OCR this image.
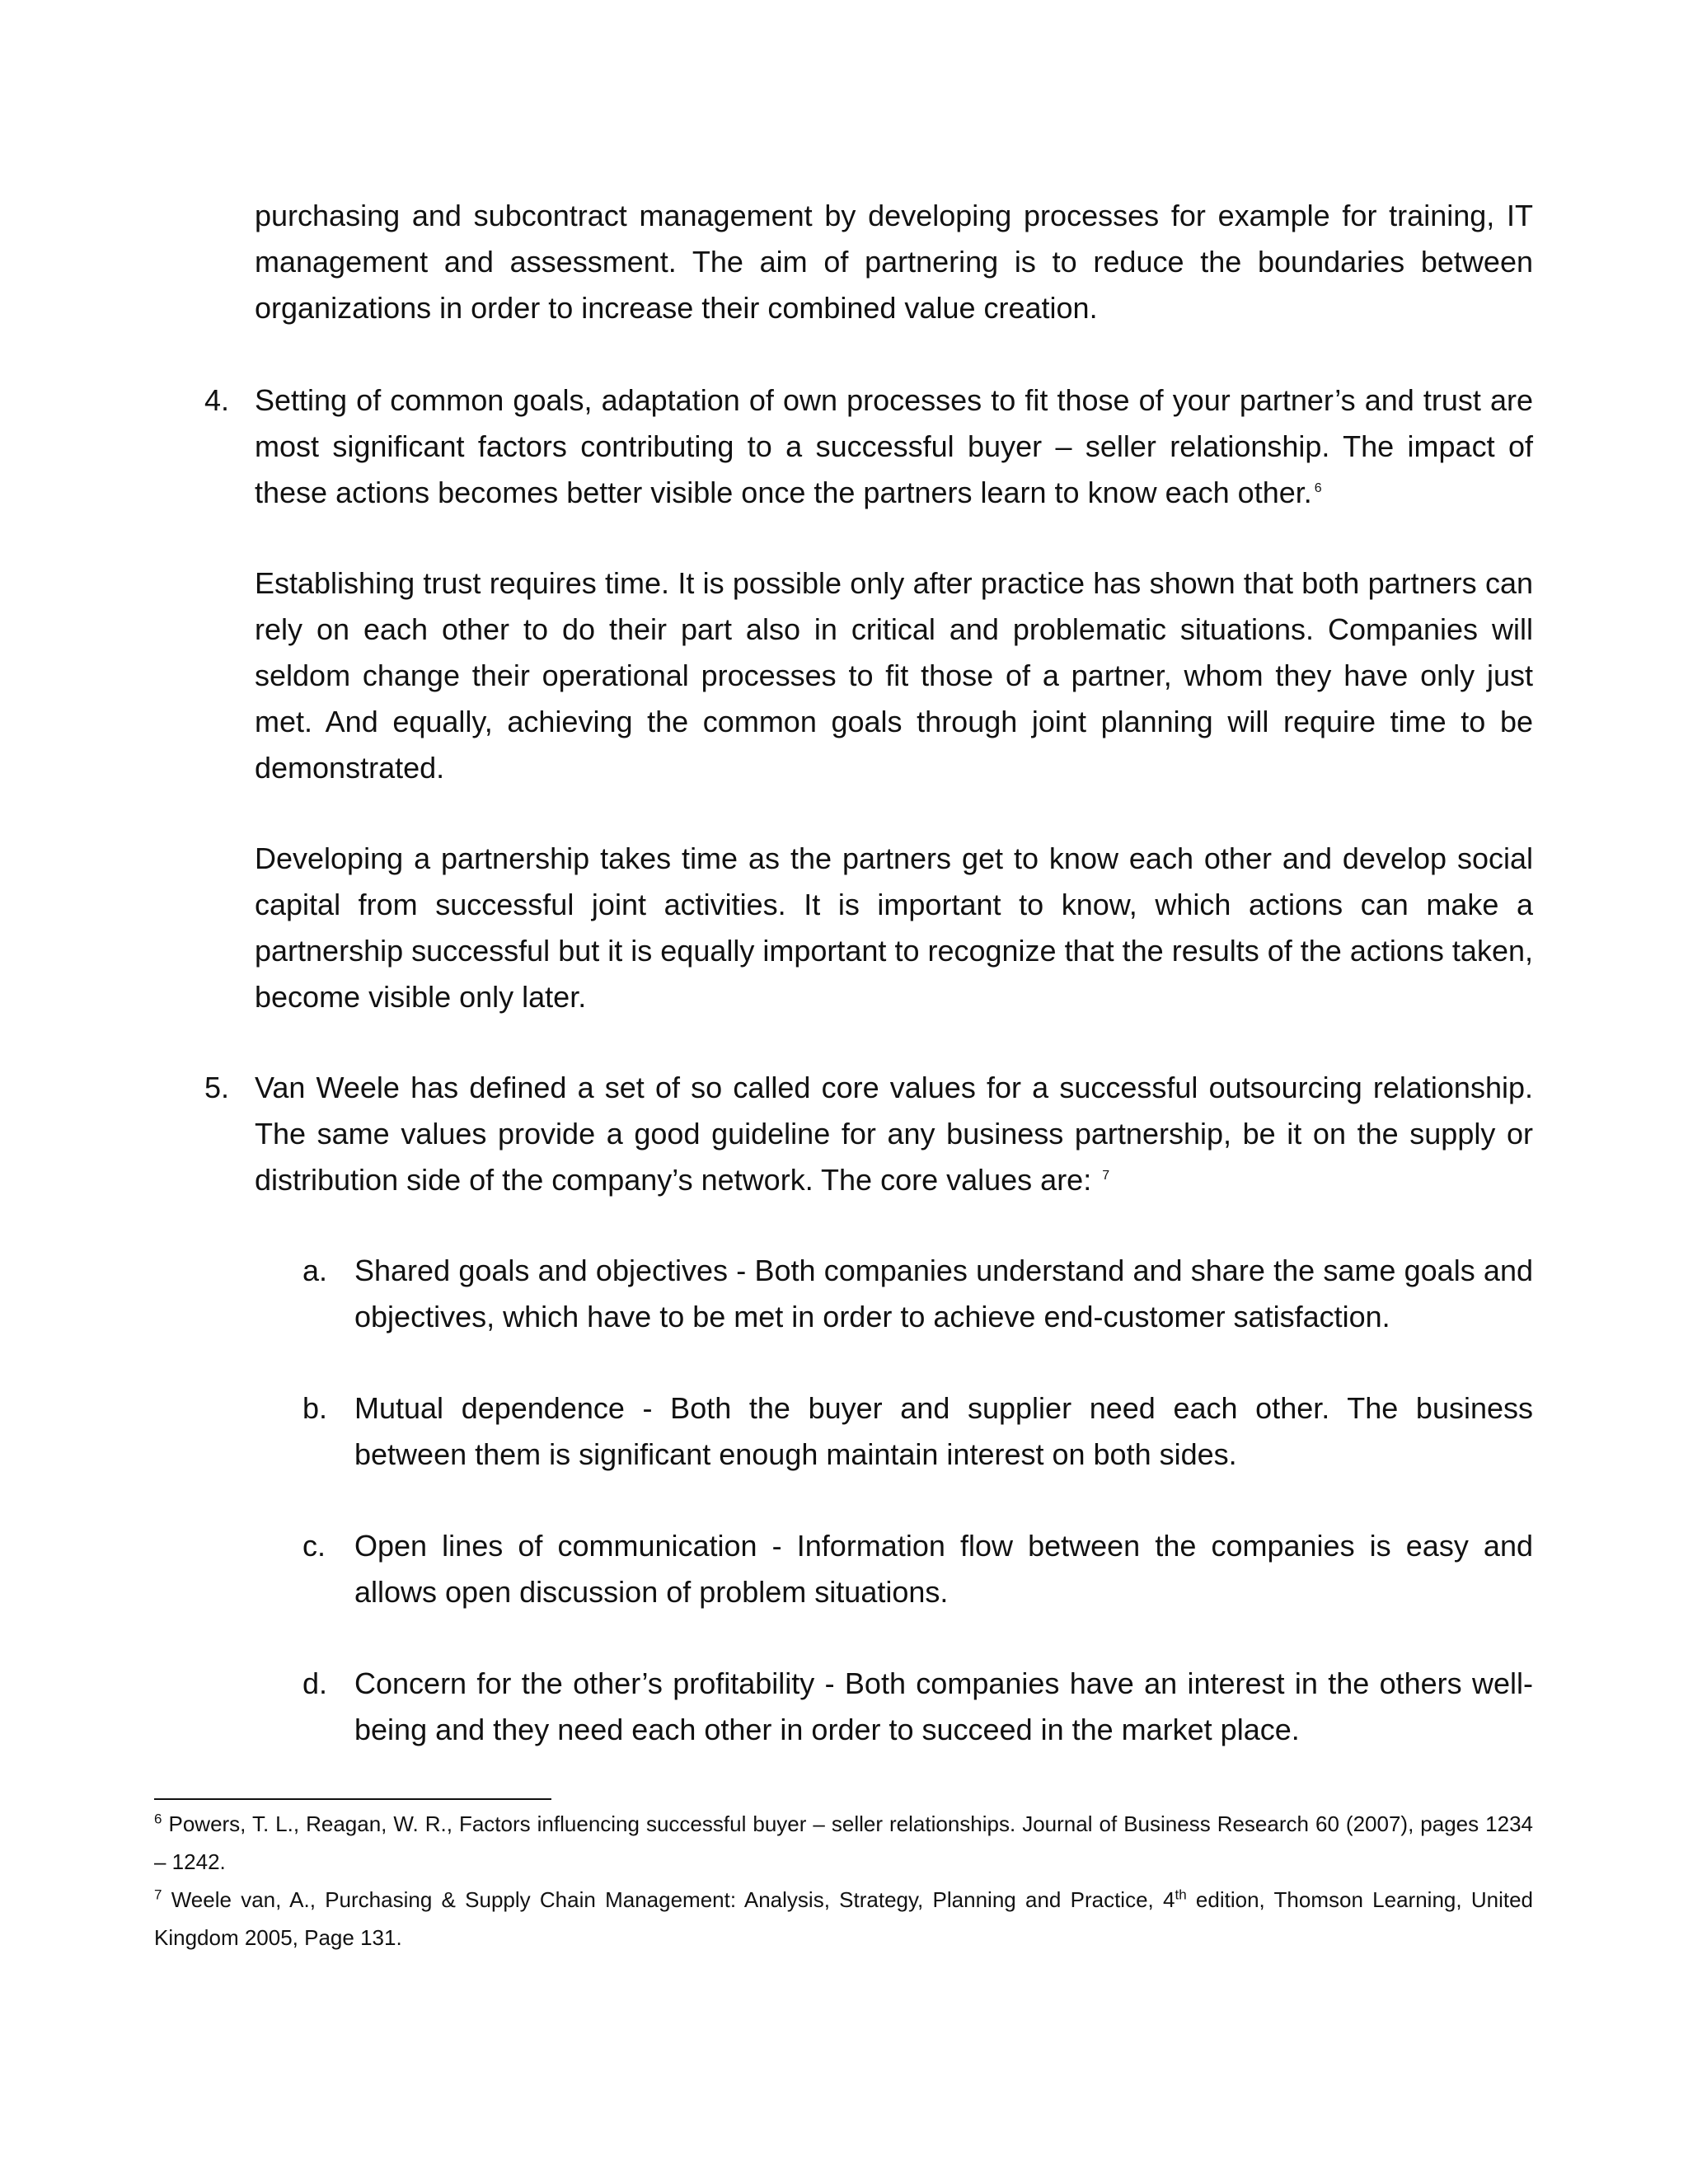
purchasing and subcontract management by developing processes for example for training, IT management and assessment. The aim of partnering is to reduce the boundaries between organizations in order to increase their combined value creation.

4. Setting of common goals, adaptation of own processes to fit those of your partner’s and trust are most significant factors contributing to a successful buyer – seller relationship. The impact of these actions becomes better visible once the partners learn to know each other. $^6$

Establishing trust requires time. It is possible only after practice has shown that both partners can rely on each other to do their part also in critical and problematic situations. Companies will seldom change their operational processes to fit those of a partner, whom they have only just met. And equally, achieving the common goals through joint planning will require time to be demonstrated.

Developing a partnership takes time as the partners get to know each other and develop social capital from successful joint activities. It is important to know, which actions can make a partnership successful but it is equally important to recognize that the results of the actions taken, become visible only later.

5. Van Weele has defined a set of so called core values for a successful outsourcing relationship. The same values provide a good guideline for any business partnership, be it on the supply or distribution side of the company’s network. The core values are: $^7$

a. Shared goals and objectives - Both companies understand and share the same goals and objectives, which have to be met in order to achieve end-customer satisfaction.

b. Mutual dependence - Both the buyer and supplier need each other. The business between them is significant enough maintain interest on both sides.

c. Open lines of communication - Information flow between the companies is easy and allows open discussion of problem situations.

d. Concern for the other’s profitability - Both companies have an interest in the others well-being and they need each other in order to succeed in the market place.

$^6$ Powers, T. L., Reagan, W. R., Factors influencing successful buyer – seller relationships. Journal of Business Research 60 (2007), pages 1234 – 1242.

$^7$ Weele van, A., Purchasing & Supply Chain Management: Analysis, Strategy, Planning and Practice, 4th edition, Thomson Learning, United Kingdom 2005, Page 131.
